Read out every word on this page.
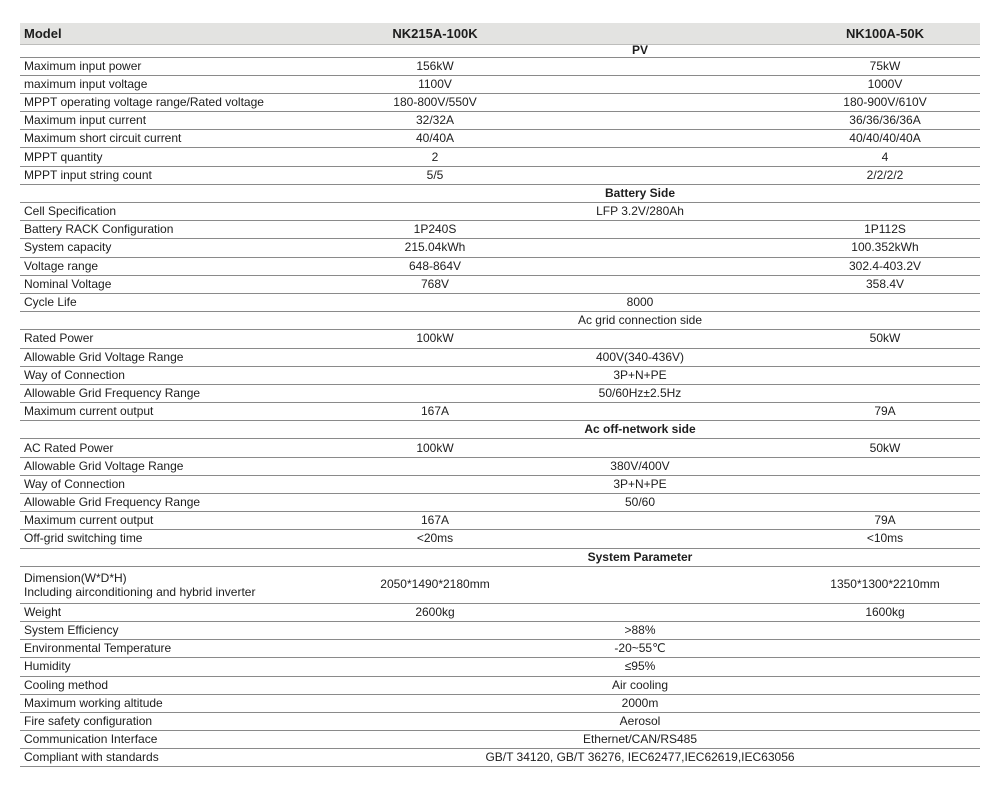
Model	NK215A-100K		NK100A-50K
	PV		
Maximum input power	156kW		75kW
maximum input voltage	1100V		1000V
MPPT operating voltage range/Rated voltage	180-800V/550V		180-900V/610V
Maximum input current	32/32A		36/36/36/36A
Maximum short circuit current	40/40A		40/40/40/40A
MPPT quantity	2		4
MPPT input string count	5/5		2/2/2/2
	Battery Side		
Cell Specification	LFP 3.2V/280Ah		
Battery RACK Configuration	1P240S		1P112S
System capacity	215.04kWh		100.352kWh
Voltage range	648-864V		302.4-403.2V
Nominal Voltage	768V		358.4V
Cycle Life	8000		
	Ac grid connection side		
Rated Power	100kW		50kW
Allowable Grid Voltage Range	400V(340-436V)		
Way of Connection	3P+N+PE		
Allowable Grid Frequency Range	50/60Hz±2.5Hz		
Maximum current output	167A		79A
	Ac off-network side		
AC Rated Power	100kW		50kW
Allowable Grid Voltage Range	380V/400V		
Way of Connection	3P+N+PE		
Allowable Grid Frequency Range	50/60		
Maximum current output	167A		79A
Off-grid switching time	<20ms		<10ms
	System Parameter		

Dimension(W*D*H)
Including airconditioning and hybrid inverter	2050*1490*2180mm		1350*1300*2210mm
Weight	2600kg		1600kg
System Efficiency	>88%		
Environmental Temperature	-20~55℃		
Humidity	≤95%		
Cooling method	Air cooling		
Maximum working altitude	2000m		
Fire safety configuration	Aerosol		
Communication Interface	Ethernet/CAN/RS485		
Compliant with standards	GB/T 34120, GB/T 36276, IEC62477,IEC62619,IEC63056		
